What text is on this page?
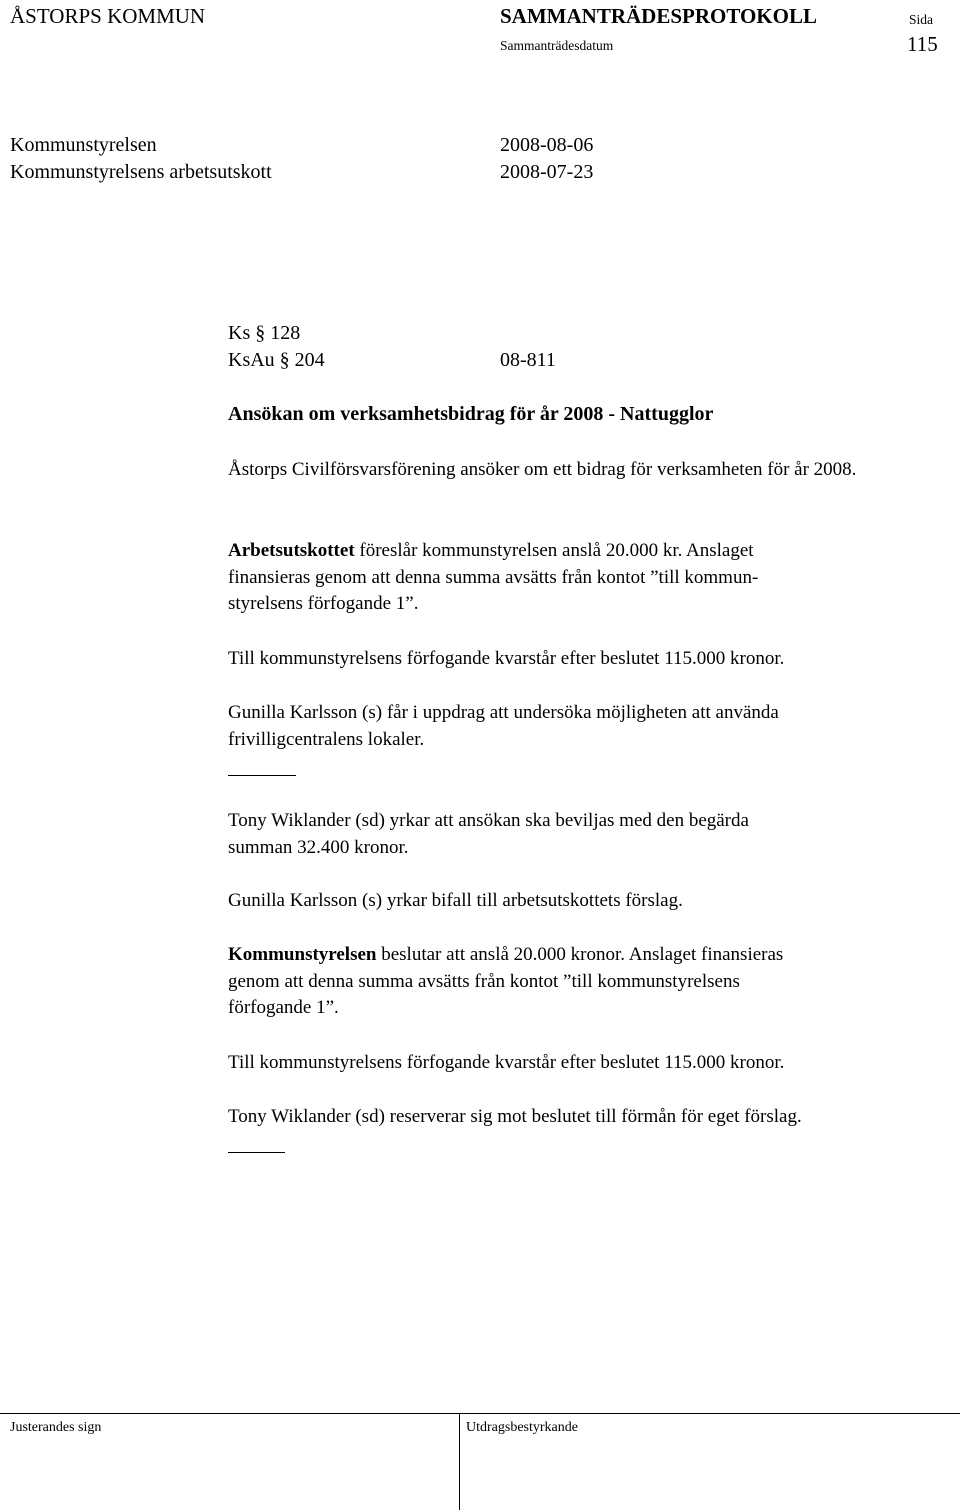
ÅSTORPS KOMMUN	SAMMANTRÄDESPROTOKOLL
Sammanträdesdatum
Sida
115
Kommunstyrelsen	2008-08-06
Kommunstyrelsens arbetsutskott	2008-07-23
Ks § 128
KsAu § 204	08-811
Ansökan om verksamhetsbidrag för år 2008 - Nattugglor

Åstorps Civilförsvarsförening ansöker om ett bidrag för verksamheten för år 2008.

Arbetsutskottet föreslår kommunstyrelsen anslå 20.000 kr. Anslaget

finansieras genom att denna summa avsätts från kontot ”till kommun-

styrelsens förfogande 1”.

Till kommunstyrelsens förfogande kvarstår efter beslutet 115.000 kronor.

Gunilla Karlsson (s) får i uppdrag att undersöka möjligheten att använda

frivilligcentralens lokaler.

Tony Wiklander (sd) yrkar att ansökan ska beviljas med den begärda

summan 32.400 kronor.

Gunilla Karlsson (s) yrkar bifall till arbetsutskottets förslag.

Kommunstyrelsen beslutar att anslå 20.000 kronor. Anslaget finansieras

genom att denna summa avsätts från kontot ”till kommunstyrelsens

förfogande 1”.

Till kommunstyrelsens förfogande kvarstår efter beslutet 115.000 kronor.

Tony Wiklander (sd) reserverar sig mot beslutet till förmån för eget förslag.

Justerandes sign	Utdragsbestyrkande
